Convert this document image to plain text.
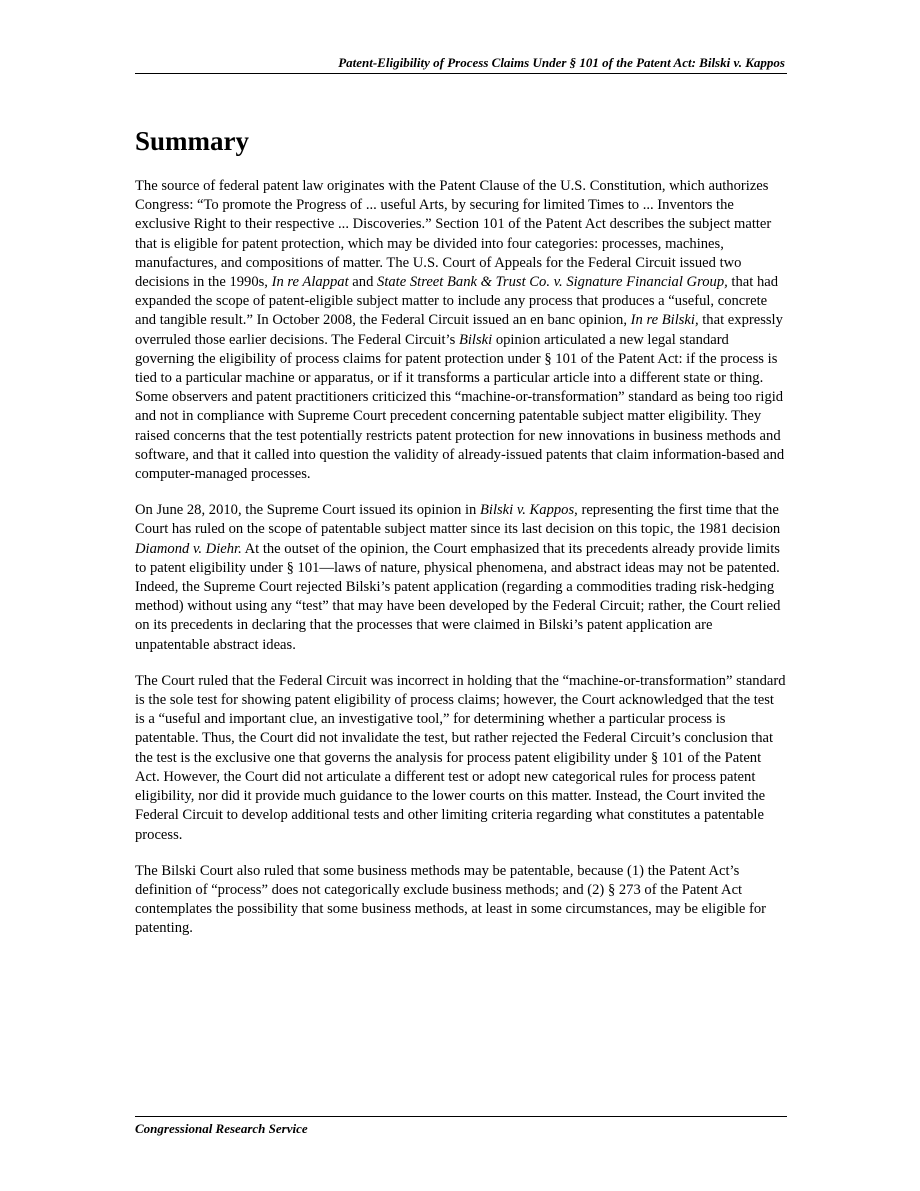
Patent-Eligibility of Process Claims Under § 101 of the Patent Act: Bilski v. Kappos
Summary

The source of federal patent law originates with the Patent Clause of the U.S. Constitution, which authorizes Congress: “To promote the Progress of ... useful Arts, by securing for limited Times to ... Inventors the exclusive Right to their respective ... Discoveries.” Section 101 of the Patent Act describes the subject matter that is eligible for patent protection, which may be divided into four categories: processes, machines, manufactures, and compositions of matter. The U.S. Court of Appeals for the Federal Circuit issued two decisions in the 1990s, In re Alappat and State Street Bank & Trust Co. v. Signature Financial Group, that had expanded the scope of patent-eligible subject matter to include any process that produces a “useful, concrete and tangible result.” In October 2008, the Federal Circuit issued an en banc opinion, In re Bilski, that expressly overruled those earlier decisions. The Federal Circuit’s Bilski opinion articulated a new legal standard governing the eligibility of process claims for patent protection under § 101 of the Patent Act: if the process is tied to a particular machine or apparatus, or if it transforms a particular article into a different state or thing. Some observers and patent practitioners criticized this “machine-or-transformation” standard as being too rigid and not in compliance with Supreme Court precedent concerning patentable subject matter eligibility. They raised concerns that the test potentially restricts patent protection for new innovations in business methods and software, and that it called into question the validity of already-issued patents that claim information-based and computer-managed processes.

On June 28, 2010, the Supreme Court issued its opinion in Bilski v. Kappos, representing the first time that the Court has ruled on the scope of patentable subject matter since its last decision on this topic, the 1981 decision Diamond v. Diehr. At the outset of the opinion, the Court emphasized that its precedents already provide limits to patent eligibility under § 101—laws of nature, physical phenomena, and abstract ideas may not be patented. Indeed, the Supreme Court rejected Bilski’s patent application (regarding a commodities trading risk-hedging method) without using any “test” that may have been developed by the Federal Circuit; rather, the Court relied on its precedents in declaring that the processes that were claimed in Bilski’s patent application are unpatentable abstract ideas.

The Court ruled that the Federal Circuit was incorrect in holding that the “machine-or-transformation” standard is the sole test for showing patent eligibility of process claims; however, the Court acknowledged that the test is a “useful and important clue, an investigative tool,” for determining whether a particular process is patentable. Thus, the Court did not invalidate the test, but rather rejected the Federal Circuit’s conclusion that the test is the exclusive one that governs the analysis for process patent eligibility under § 101 of the Patent Act. However, the Court did not articulate a different test or adopt new categorical rules for process patent eligibility, nor did it provide much guidance to the lower courts on this matter. Instead, the Court invited the Federal Circuit to develop additional tests and other limiting criteria regarding what constitutes a patentable process.

The Bilski Court also ruled that some business methods may be patentable, because (1) the Patent Act’s definition of “process” does not categorically exclude business methods; and (2) § 273 of the Patent Act contemplates the possibility that some business methods, at least in some circumstances, may be eligible for patenting.

Congressional Research Service
